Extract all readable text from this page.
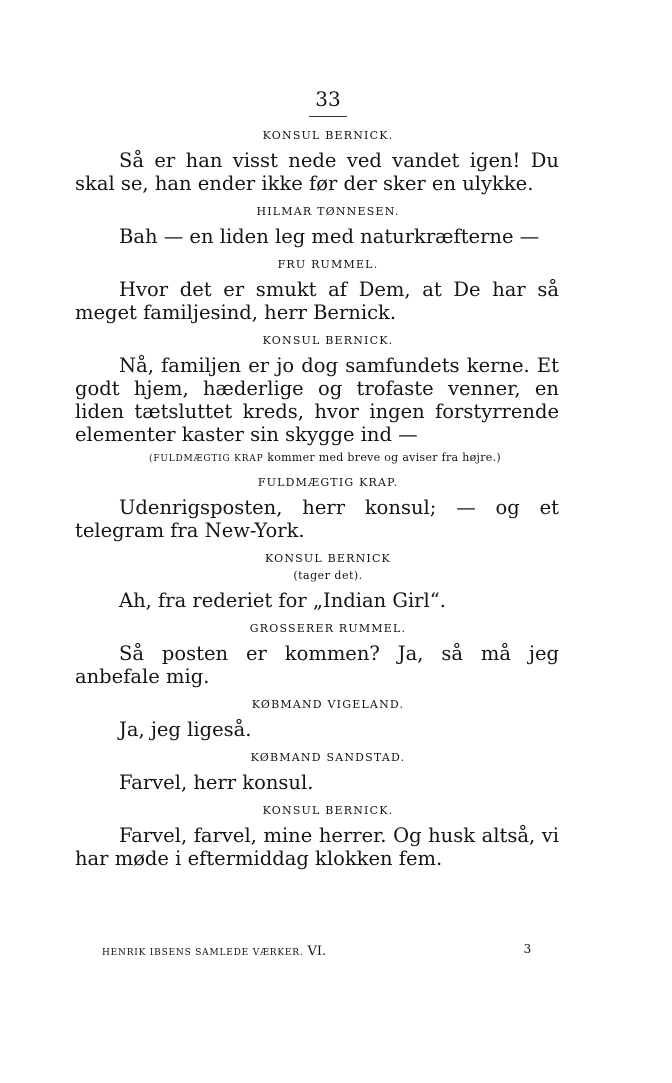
33
KONSUL BERNICK.

Så er han visst nede ved vandet igen! Du skal se, han ender ikke før der sker en ulykke.

HILMAR TØNNESEN.

Bah — en liden leg med naturkræfterne —

FRU RUMMEL.

Hvor det er smukt af Dem, at De har så meget familjesind, herr Bernick.

KONSUL BERNICK.

Nå, familjen er jo dog samfundets kerne. Et godt hjem, hæderlige og trofaste venner, en liden tætsluttet kreds, hvor ingen forstyrrende elementer kaster sin skygge ind —

(FULDMÆGTIG KRAP kommer med breve og aviser fra højre.)
FULDMÆGTIG KRAP.

Udenrigsposten, herr konsul; — og et telegram fra New-York.

KONSUL BERNICK
(tager det).

Ah, fra rederiet for „Indian Girl“.

GROSSERER RUMMEL.

Så posten er kommen? Ja, så må jeg anbefale mig.

KØBMAND VIGELAND.

Ja, jeg ligeså.

KØBMAND SANDSTAD.

Farvel, herr konsul.

KONSUL BERNICK.

Farvel, farvel, mine herrer. Og husk altså, vi har møde i eftermiddag klokken fem.

HENRIK IBSENS SAMLEDE VÆRKER. VI.	3
